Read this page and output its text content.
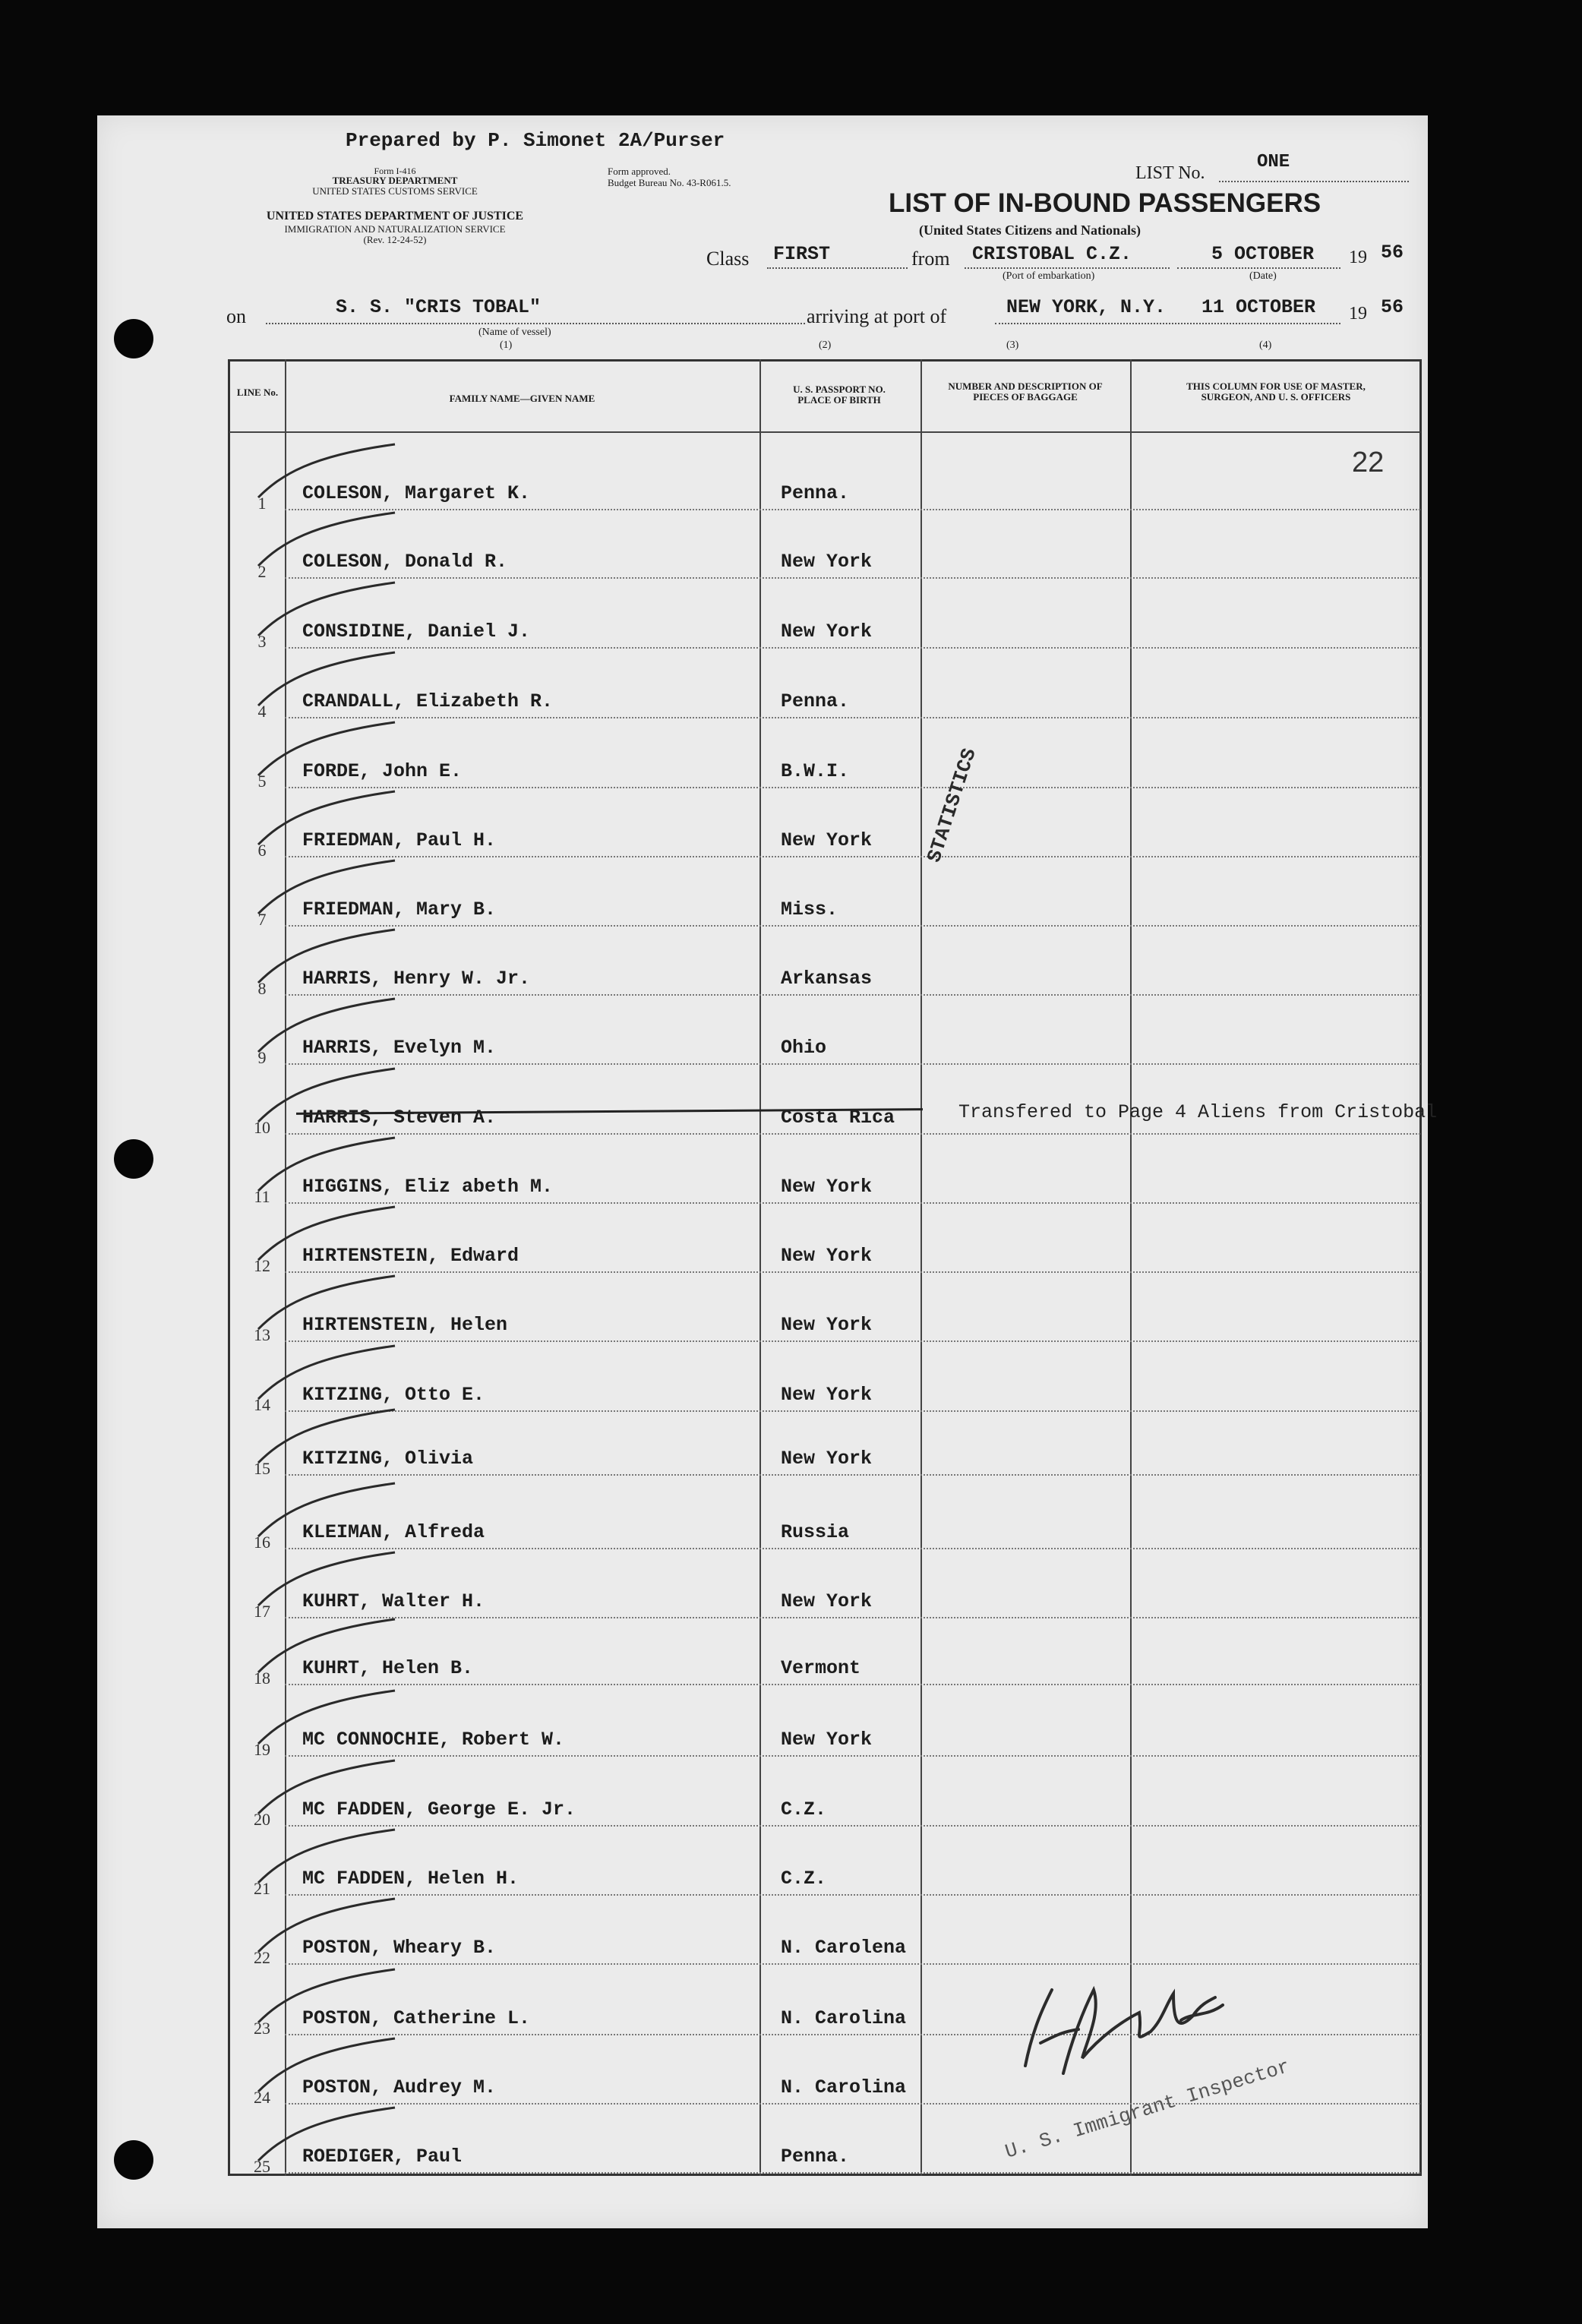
Prepared by P. Simonet 2A/Purser
Form I-416
TREASURY DEPARTMENT
UNITED STATES CUSTOMS SERVICE
UNITED STATES DEPARTMENT OF JUSTICE
IMMIGRATION AND NATURALIZATION SERVICE
(Rev. 12-24-52)
Form approved.
Budget Bureau No. 43-R061.5.	LIST No.
ONE
LIST OF IN-BOUND PASSENGERS
(United States Citizens and Nationals)
Class FIRST	from CRISTOBAL C.Z.
(Port of embarkation)
5 OCTOBER
(Date)
19 56
on	S. S. "CRIS TOBAL"
(Name of vessel)
(1)
arriving at port of	NEW YORK, N.Y. 11 OCTOBER 19 56
(2)	(3)	(4)
LINE No.
FAMILY NAME—GIVEN NAME
U. S. PASSPORT NO. PLACE OF BIRTH
NUMBER AND DESCRIPTION OF PIECES OF BAGGAGE
THIS COLUMN FOR USE OF MASTER, SURGEON, AND U. S. OFFICERS
1	COLESON, Margaret K.	Penna.
2	COLESON, Donald R.	New York
3	CONSIDINE, Daniel J.	New York
4	CRANDALL, Elizabeth R.	Penna.
5	FORDE, John E.	B.W.I.
6	FRIEDMAN, Paul H.	New York
7	FRIEDMAN, Mary B.	Miss.
8	HARRIS, Henry W. Jr.	Arkansas
9	HARRIS, Evelyn M.	Ohio
10	HARRIS, Steven A.	Costa Rica
11	HIGGINS, Eliz abeth M.	New York
12	HIRTENSTEIN, Edward	New York
13	HIRTENSTEIN, Helen	New York
14	KITZING, Otto E.	New York
15	KITZING, Olivia	New York
16	KLEIMAN, Alfreda	Russia
17	KUHRT, Walter H.	New York
18	KUHRT, Helen B.	Vermont
19	MC CONNOCHIE, Robert W.	New York
20	MC FADDEN, George E. Jr.	C.Z.
21	MC FADDEN, Helen H.	C.Z.
22	POSTON, Wheary B.	N. Carolena
23	POSTON, Catherine L.	N. Carolina
24	POSTON, Audrey M.	N. Carolina
25	ROEDIGER, Paul	Penna.
22
STATISTICS
Transfered to Page 4 Aliens from Cristobal
U. S. Immigrant Inspector
